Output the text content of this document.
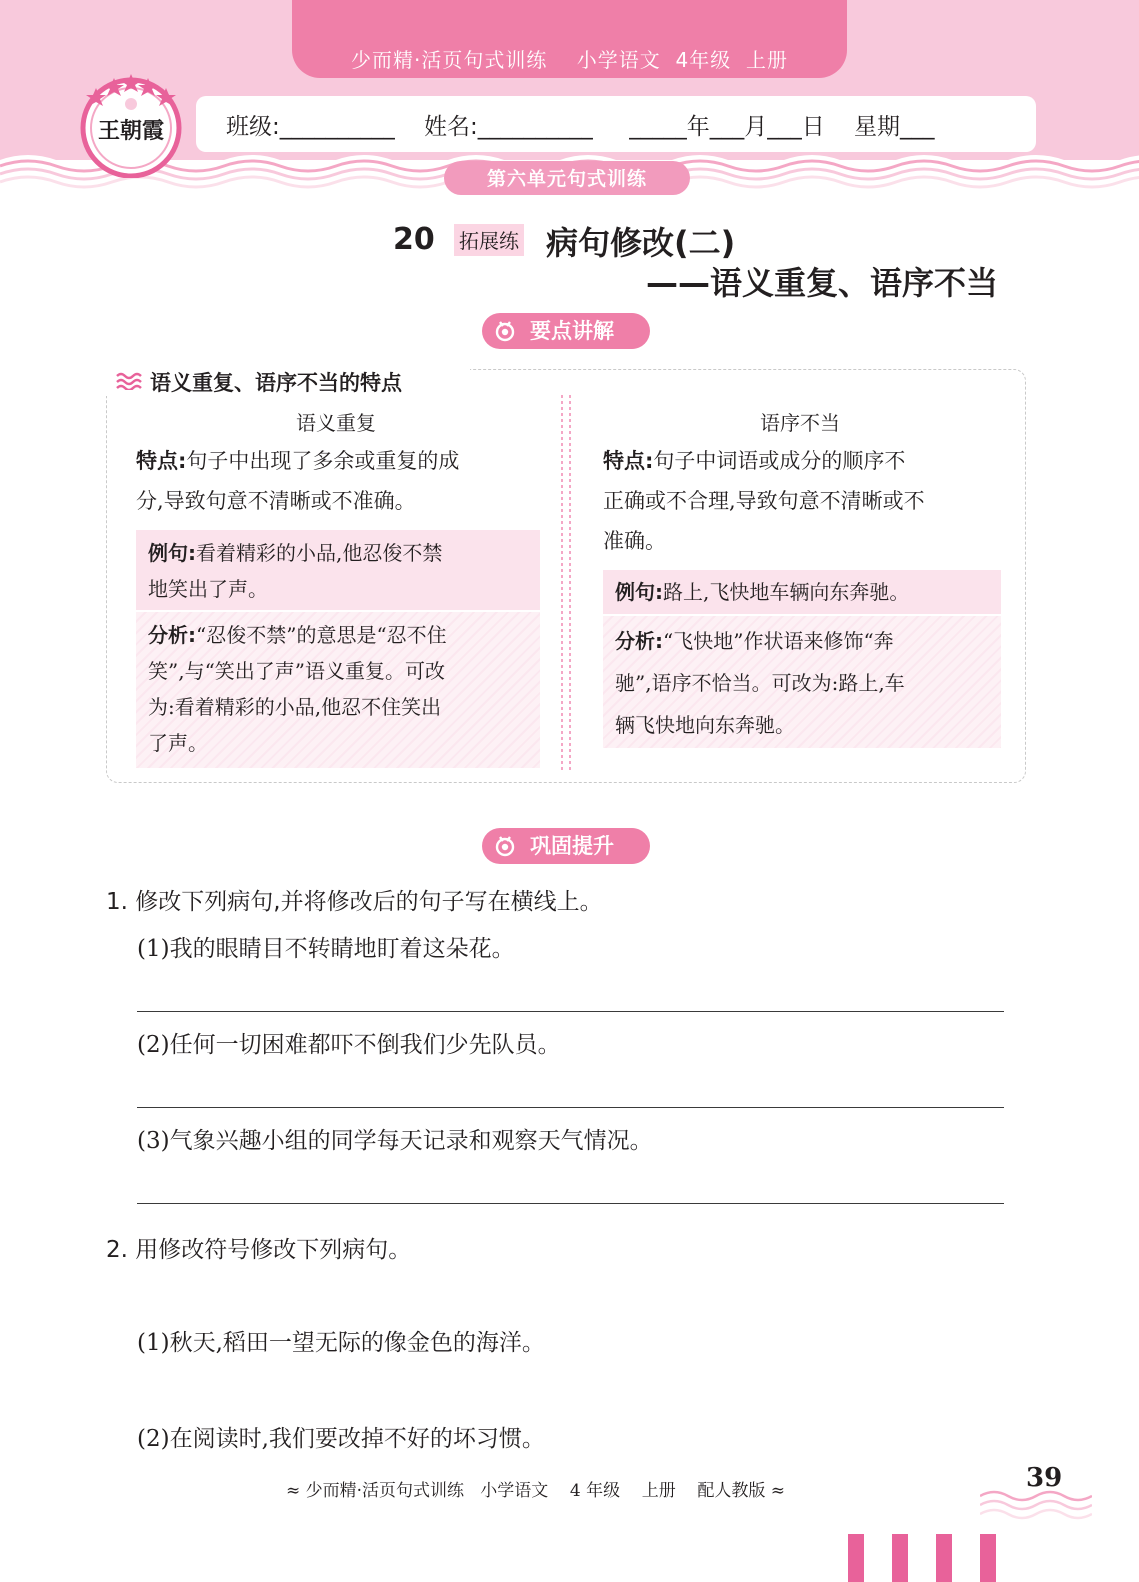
少而精·活页句式训练    小学语文  4年级  上册
王朝霞	班级:__________    姓名:__________     _____年___月___日    星期___
第六单元句式训练
20 拓展练 病句修改(二)
——语义重复、语序不当
要点讲解
语义重复、语序不当的特点
语义重复
特点:句子中出现了多余或重复的成
分,导致句意不清晰或不准确。
例句:看着精彩的小品,他忍俊不禁
地笑出了声。
分析:“忍俊不禁”的意思是“忍不住
笑”,与“笑出了声”语义重复。可改
为:看着精彩的小品,他忍不住笑出
了声。
语序不当
特点:句子中词语或成分的顺序不
正确或不合理,导致句意不清晰或不
准确。
例句:路上,飞快地车辆向东奔驰。
分析:“飞快地”作状语来修饰“奔
驰”,语序不恰当。可改为:路上,车
辆飞快地向东奔驰。
巩固提升
1. 修改下列病句,并将修改后的句子写在横线上。
(1)我的眼睛目不转睛地盯着这朵花。
(2)任何一切困难都吓不倒我们少先队员。
(3)气象兴趣小组的同学每天记录和观察天气情况。
2. 用修改符号修改下列病句。
(1)秋天,稻田一望无际的像金色的海洋。
(2)在阅读时,我们要改掉不好的坏习惯。
≈ 少而精·活页句式训练   小学语文    4 年级    上册    配人教版 ≈	39
